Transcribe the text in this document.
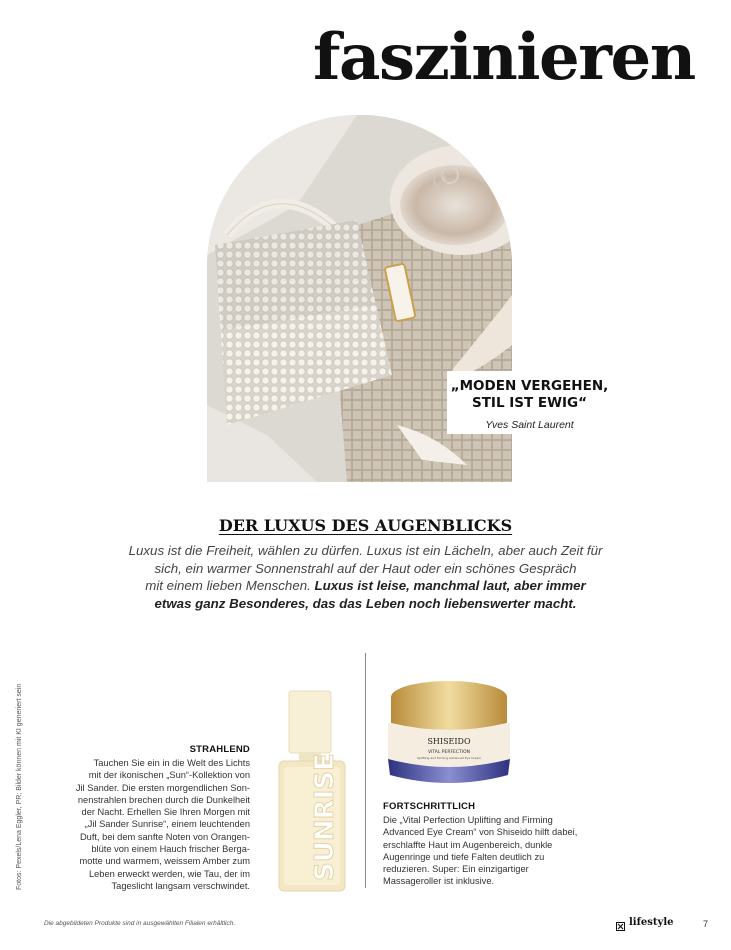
faszinieren
„MODEN VERGEHEN,
STIL IST EWIG“
Yves Saint Laurent
DER LUXUS DES AUGENBLICKS
Luxus ist die Freiheit, wählen zu dürfen. Luxus ist ein Lächeln, aber auch Zeit für
sich, ein warmer Sonnenstrahl auf der Haut oder ein schönes Gespräch
mit einem lieben Menschen. Luxus ist leise, manchmal laut, aber immer
etwas ganz Besonderes, das das Leben noch liebenswerter macht.
Fotos: Pexels/Lena Eggler, PR; Bilder können mit KI generiert sein	SUNRISE
SHISEIDO
VITAL PERFECTION
Uplifting and Firming Advanced Eye Cream
STRAHLEND
Tauchen Sie ein in die Welt des Lichts
mit der ikonischen „Sun“-Kollektion von
Jil Sander. Die ersten morgendlichen Son-
nenstrahlen brechen durch die Dunkelheit
der Nacht. Erhellen Sie Ihren Morgen mit
„Jil Sander Sunrise“, einem leuchtenden
Duft, bei dem sanfte Noten von Orangen-
blüte von einem Hauch frischer Berga-
motte und warmem, weissem Amber zum
Leben erweckt werden, wie Tau, der im
Tageslicht langsam verschwindet.
FORTSCHRITTLICH
Die „Vital Perfection Uplifting and Firming
Advanced Eye Cream“ von Shiseido hilft dabei,
erschlaffte Haut im Augenbereich, dunkle
Augenringe und tiefe Falten deutlich zu
reduzieren. Super: Ein einzigartiger
Massageroller ist inklusive.
Die abgebildeten Produkte sind in ausgewählten Filialen erhältlich.	lifestyle	7
